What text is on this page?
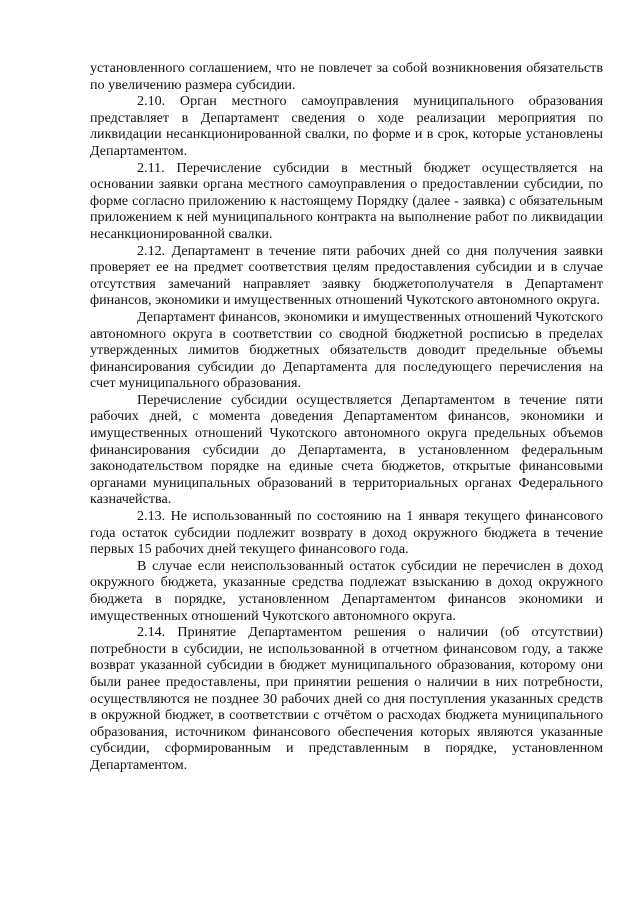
установленного соглашением, что не повлечет за собой возникновения обязательств по увеличению размера субсидии.

2.10. Орган местного самоуправления муниципального образования представляет в Департамент сведения о ходе реализации мероприятия по ликвидации несанкционированной свалки, по форме и в срок, которые установлены Департаментом.

2.11. Перечисление субсидии в местный бюджет осуществляется на основании заявки органа местного самоуправления о предоставлении субсидии, по форме согласно приложению к настоящему Порядку (далее - заявка) с обязательным приложением к ней муниципального контракта на выполнение работ по ликвидации несанкционированной свалки.

2.12. Департамент в течение пяти рабочих дней со дня получения заявки проверяет ее на предмет соответствия целям предоставления субсидии и в случае отсутствия замечаний направляет заявку бюджетополучателя в Департамент финансов, экономики и имущественных отношений Чукотского автономного округа.

Департамент финансов, экономики и имущественных отношений Чукотского автономного округа в соответствии со сводной бюджетной росписью в пределах утвержденных лимитов бюджетных обязательств доводит предельные объемы финансирования субсидии до Департамента для последующего перечисления на счет муниципального образования.

Перечисление субсидии осуществляется Департаментом в течение пяти рабочих дней, с момента доведения Департаментом финансов, экономики и имущественных отношений Чукотского автономного округа предельных объемов финансирования субсидии до Департамента, в установленном федеральным законодательством порядке на единые счета бюджетов, открытые финансовыми органами муниципальных образований в территориальных органах Федерального казначейства.

2.13. Не использованный по состоянию на 1 января текущего финансового года остаток субсидии подлежит возврату в доход окружного бюджета в течение первых 15 рабочих дней текущего финансового года.

В случае если неиспользованный остаток субсидии не перечислен в доход окружного бюджета, указанные средства подлежат взысканию в доход окружного бюджета в порядке, установленном Департаментом финансов экономики и имущественных отношений Чукотского автономного округа.

2.14. Принятие Департаментом решения о наличии (об отсутствии) потребности в субсидии, не использованной в отчетном финансовом году, а также возврат указанной субсидии в бюджет муниципального образования, которому они были ранее предоставлены, при принятии решения о наличии в них потребности, осуществляются не позднее 30 рабочих дней со дня поступления указанных средств в окружной бюджет, в соответствии с отчётом о расходах бюджета муниципального образования, источником финансового обеспечения которых являются указанные субсидии, сформированным и представленным в порядке, установленном Департаментом.
